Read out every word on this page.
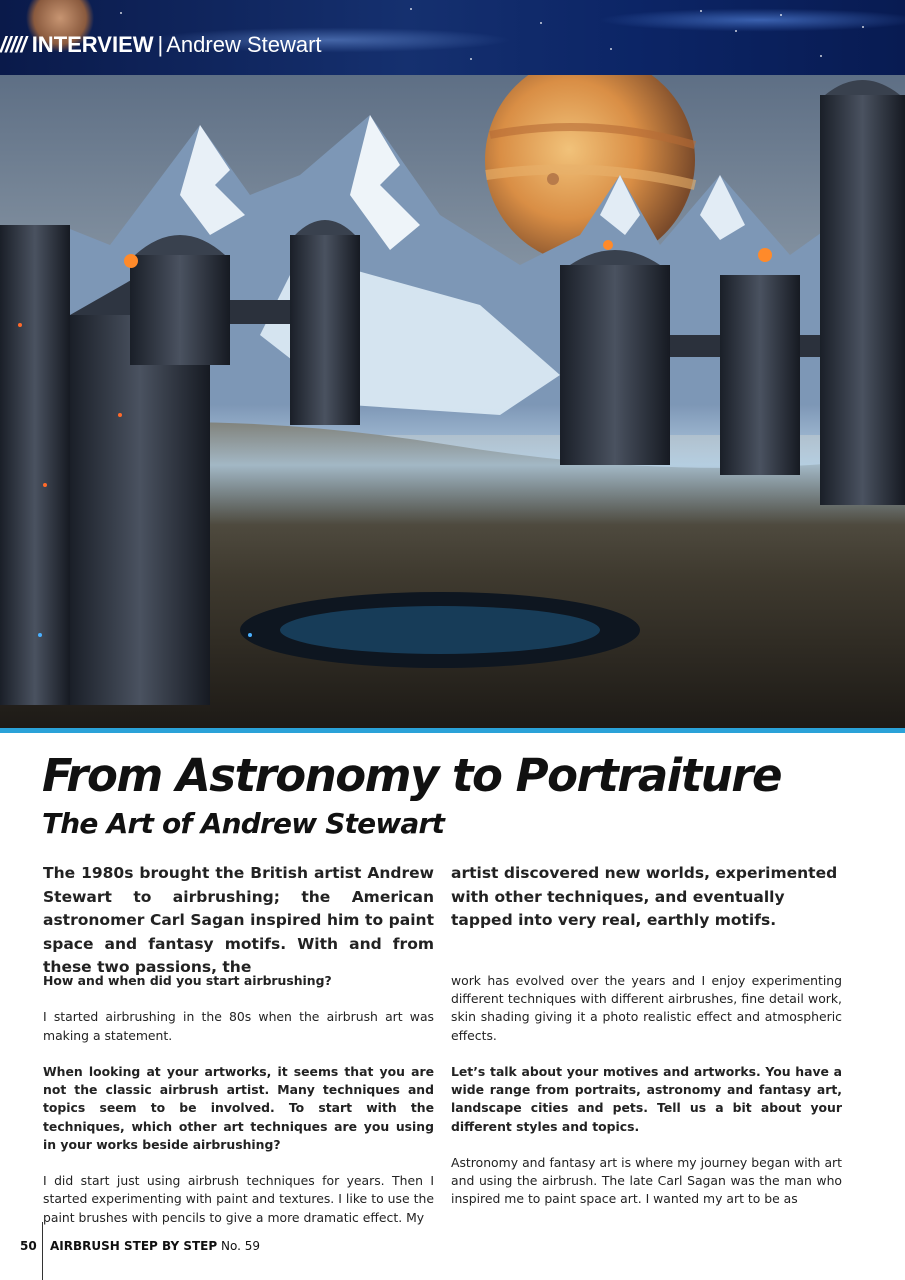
///// INTERVIEW | Andrew Stewart
From Astronomy to Portraiture
The Art of Andrew Stewart

The 1980s brought the British artist Andrew Stewart to airbrushing; the American astronomer Carl Sagan inspired him to paint space and fantasy motifs. With and from these two passions, the

artist discovered new worlds, experimented with other techniques, and eventually tapped into very real, earthly motifs.

How and when did you start airbrushing?

I started airbrushing in the 80s when the airbrush art was making a statement.

When looking at your artworks, it seems that you are not the classic airbrush artist. Many techniques and topics seem to be involved. To start with the techniques, which other art techniques are you using in your works beside airbrushing?

I did start just using airbrush techniques for years. Then I started experimenting with paint and textures. I like to use the paint brushes with pencils to give a more dramatic effect. My

work has evolved over the years and I enjoy experimenting different techniques with different airbrushes, fine detail work, skin shading giving it a photo realistic effect and atmospheric effects.

Let’s talk about your motives and artworks. You have a wide range from portraits, astronomy and fantasy art, landscape cities and pets. Tell us a bit about your different styles and topics.

Astronomy and fantasy art is where my journey began with art and using the airbrush. The late Carl Sagan was the man who inspired me to paint space art. I wanted my art to be as

50 AIRBRUSH STEP BY STEP No. 59
